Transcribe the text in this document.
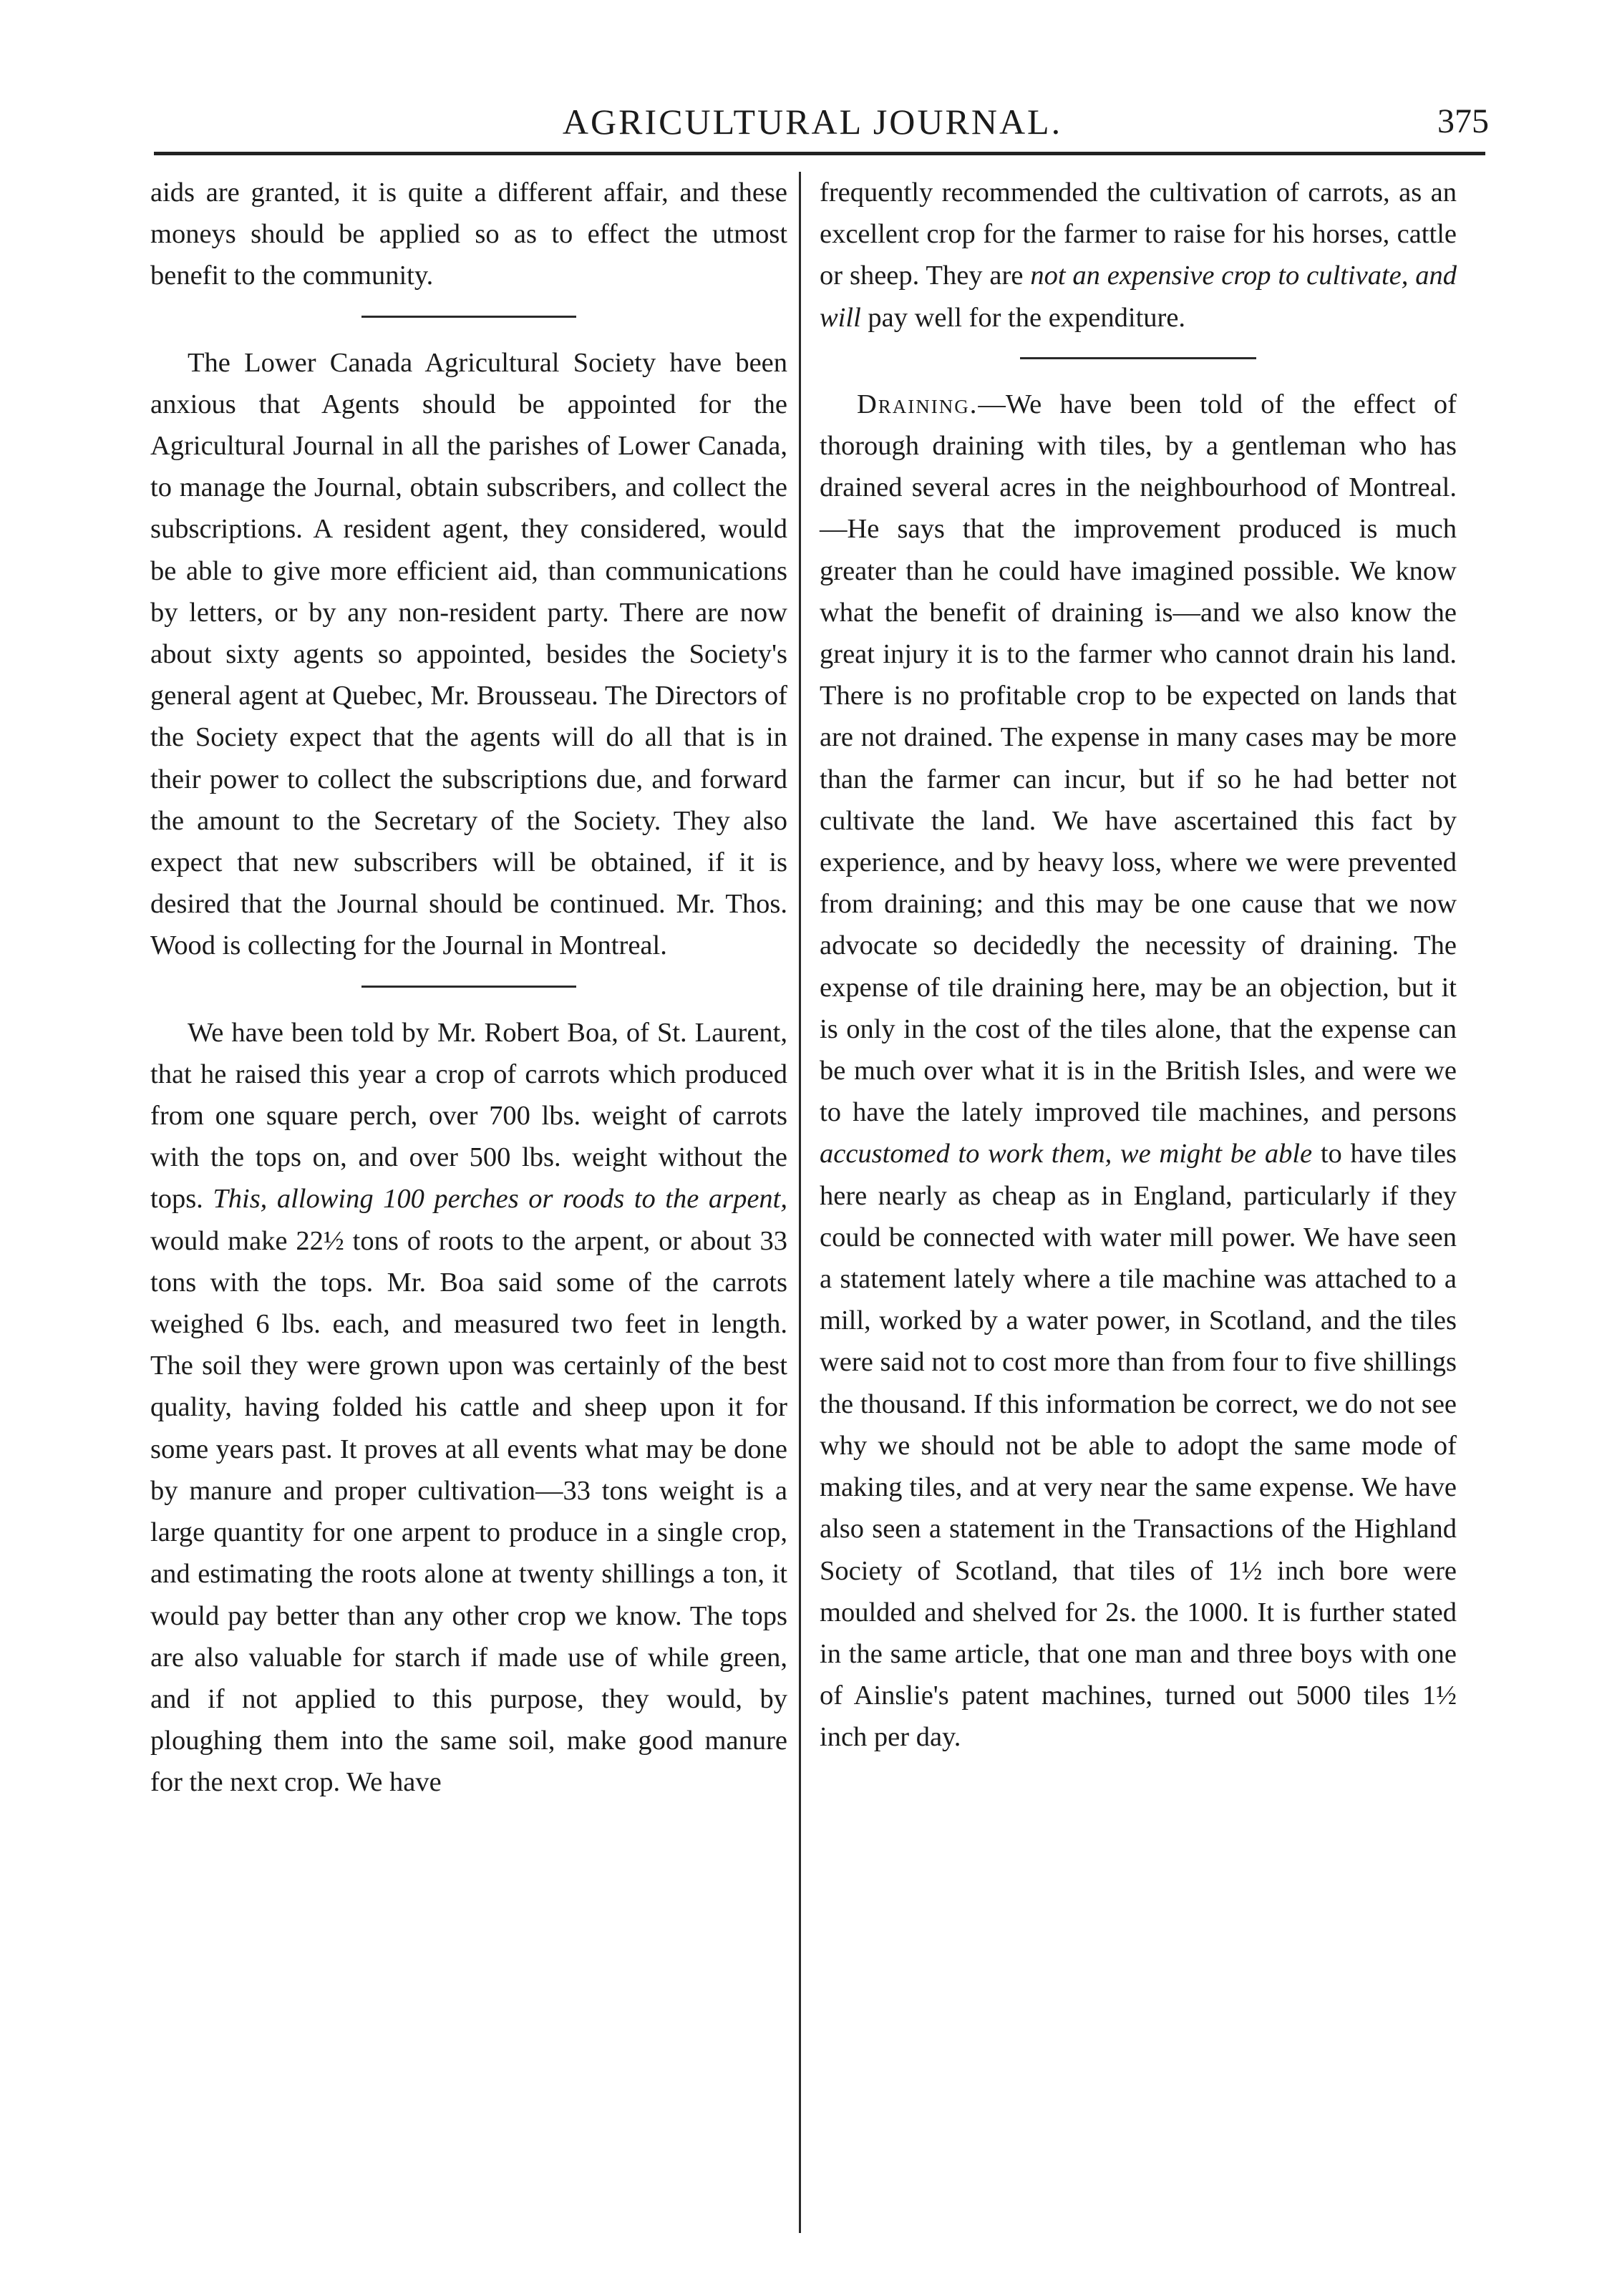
AGRICULTURAL JOURNAL.	375

aids are granted, it is quite a different affair, and these moneys should be applied so as to effect the utmost benefit to the community.

The Lower Canada Agricultural Society have been anxious that Agents should be appointed for the Agricultural Journal in all the parishes of Lower Canada, to manage the Journal, obtain subscribers, and collect the subscriptions. A resident agent, they considered, would be able to give more efficient aid, than communications by letters, or by any non-resident party. There are now about sixty agents so appointed, besides the Society's general agent at Quebec, Mr. Brousseau. The Directors of the Society expect that the agents will do all that is in their power to collect the subscriptions due, and forward the amount to the Secretary of the Society. They also expect that new subscribers will be obtained, if it is desired that the Journal should be continued. Mr. Thos. Wood is collecting for the Journal in Montreal.

We have been told by Mr. Robert Boa, of St. Laurent, that he raised this year a crop of carrots which produced from one square perch, over 700 lbs. weight of carrots with the tops on, and over 500 lbs. weight without the tops. This, allowing 100 perches or roods to the arpent, would make 22½ tons of roots to the arpent, or about 33 tons with the tops. Mr. Boa said some of the carrots weighed 6 lbs. each, and measured two feet in length. The soil they were grown upon was certainly of the best quality, having folded his cattle and sheep upon it for some years past. It proves at all events what may be done by manure and proper cultivation—33 tons weight is a large quantity for one arpent to produce in a single crop, and estimating the roots alone at twenty shillings a ton, it would pay better than any other crop we know. The tops are also valuable for starch if made use of while green, and if not applied to this purpose, they would, by ploughing them into the same soil, make good manure for the next crop. We have

frequently recommended the cultivation of carrots, as an excellent crop for the farmer to raise for his horses, cattle or sheep. They are not an expensive crop to cultivate, and will pay well for the expenditure.

Draining.—We have been told of the effect of thorough draining with tiles, by a gentleman who has drained several acres in the neighbourhood of Montreal.—He says that the improvement produced is much greater than he could have imagined possible. We know what the benefit of draining is—and we also know the great injury it is to the farmer who cannot drain his land. There is no profitable crop to be expected on lands that are not drained. The expense in many cases may be more than the farmer can incur, but if so he had better not cultivate the land. We have ascertained this fact by experience, and by heavy loss, where we were prevented from draining; and this may be one cause that we now advocate so decidedly the necessity of draining. The expense of tile draining here, may be an objection, but it is only in the cost of the tiles alone, that the expense can be much over what it is in the British Isles, and were we to have the lately improved tile machines, and persons accustomed to work them, we might be able to have tiles here nearly as cheap as in England, particularly if they could be connected with water mill power. We have seen a statement lately where a tile machine was attached to a mill, worked by a water power, in Scotland, and the tiles were said not to cost more than from four to five shillings the thousand. If this information be correct, we do not see why we should not be able to adopt the same mode of making tiles, and at very near the same expense. We have also seen a statement in the Transactions of the Highland Society of Scotland, that tiles of 1½ inch bore were moulded and shelved for 2s. the 1000. It is further stated in the same article, that one man and three boys with one of Ainslie's patent machines, turned out 5000 tiles 1½ inch per day.
